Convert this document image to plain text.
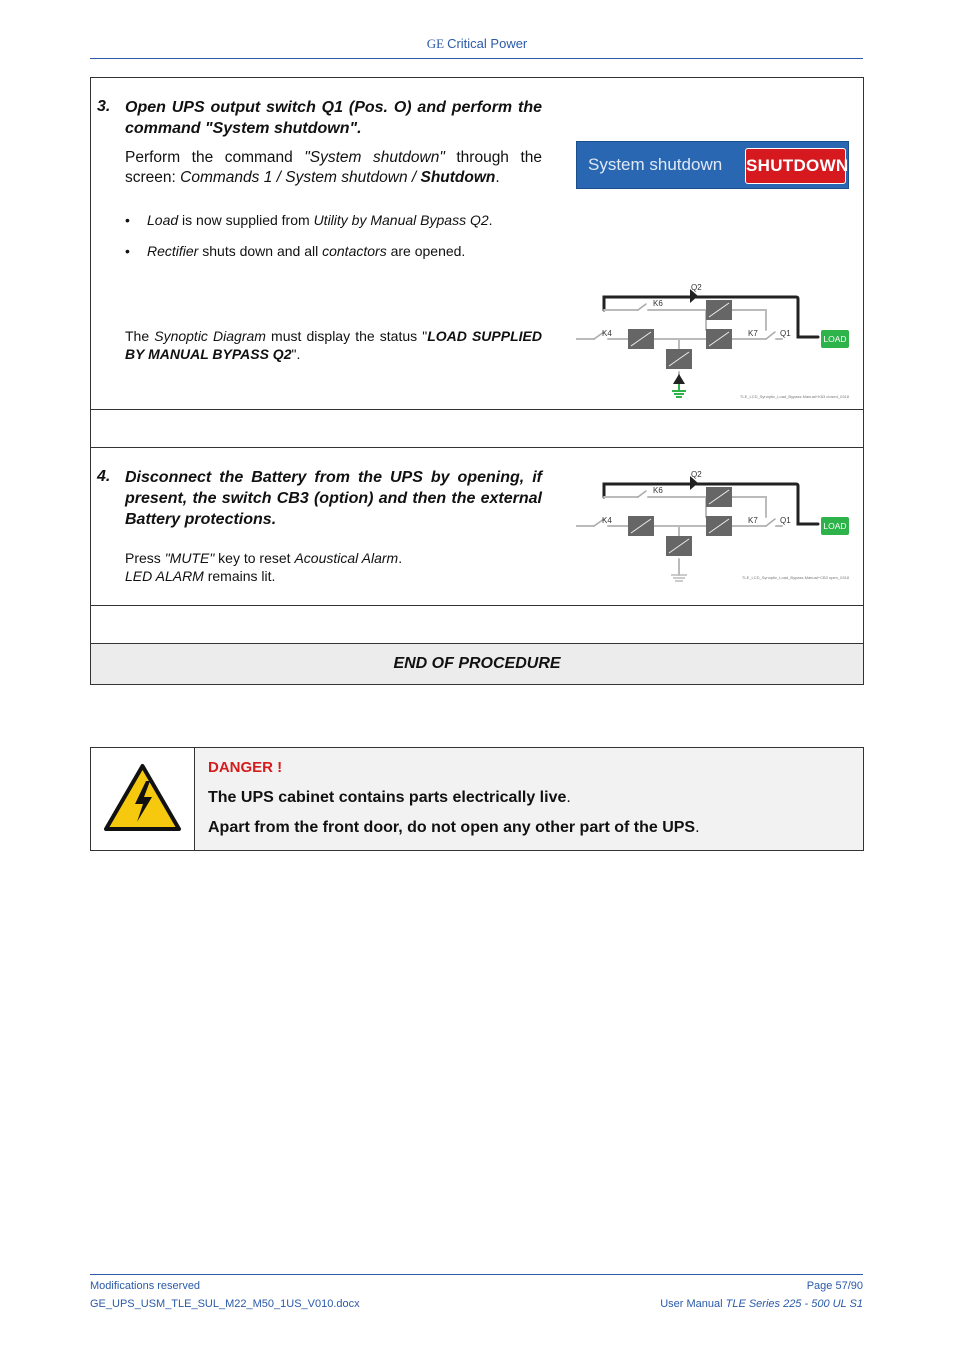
GE Critical Power
3. Open UPS output switch Q1 (Pos. O) and perform the command "System shutdown".
Perform the command "System shutdown" through the screen: Commands 1 / System shutdown / Shutdown.
• Load is now supplied from Utility by Manual Bypass Q2.
• Rectifier shuts down and all contactors are opened.
The Synoptic Diagram must display the status "LOAD SUPPLIED BY MANUAL BYPASS Q2".
System shutdown SHUTDOWN
LOAD
Q2
K6
K4	K7	Q1
TLE_LCD_Synoptic_Load_Bypass Manual+K83 closed_0318
4. Disconnect the Battery from the UPS by opening, if present, the switch CB3 (option) and then the external Battery protections.
Press "MUTE" key to reset Acoustical Alarm.
LED ALARM remains lit.
LOAD
Q2
K6
K4	K7	Q1
TLE_LCD_Synoptic_Load_Bypass Manual+CB3 open_0318
END OF PROCEDURE
DANGER !
The UPS cabinet contains parts electrically live.
Apart from the front door, do not open any other part of the UPS.
Modifications reserved
GE_UPS_USM_TLE_SUL_M22_M50_1US_V010.docx
Page 57/90
User Manual TLE Series 225 - 500 UL S1
